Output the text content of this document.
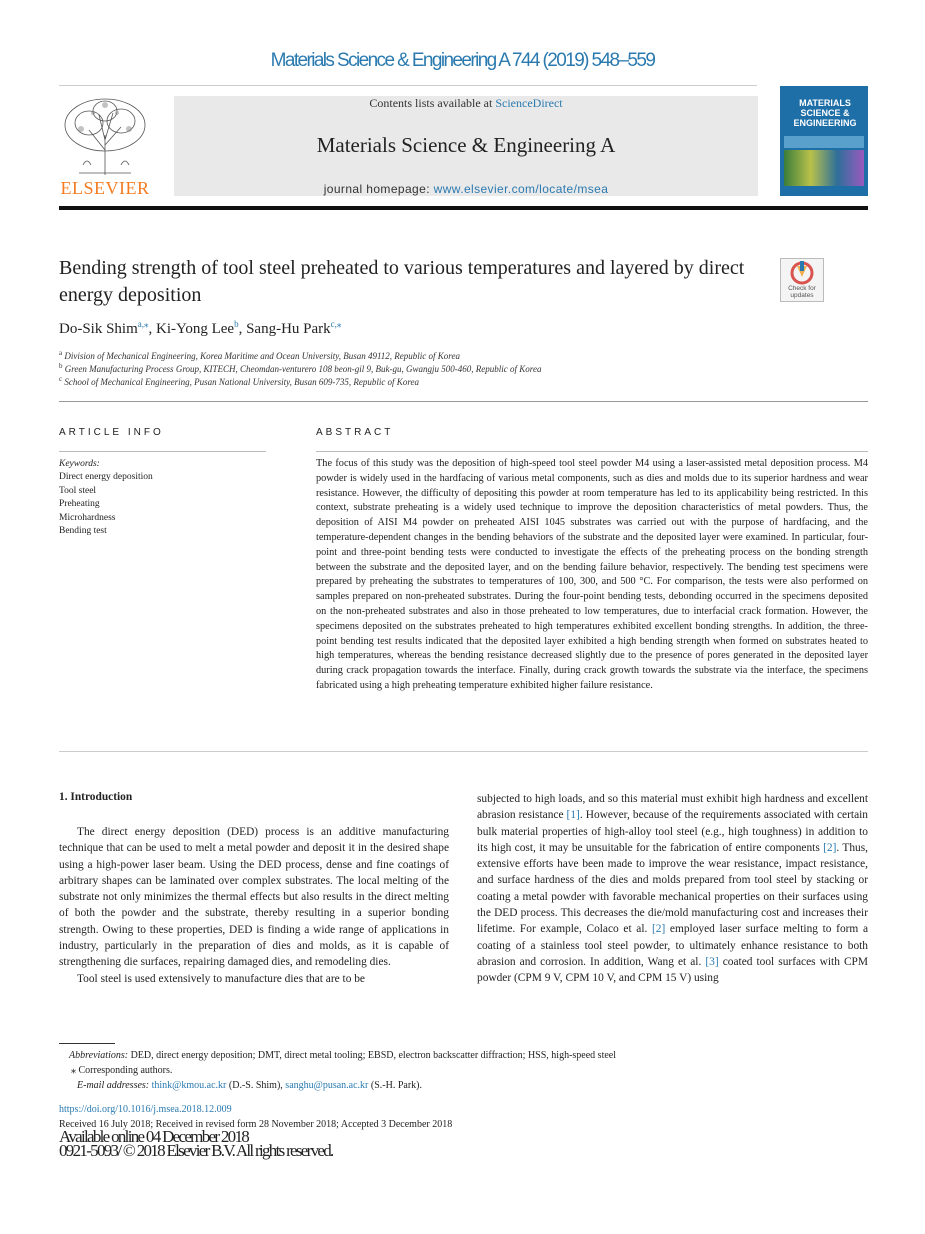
Materials Science & Engineering A 744 (2019) 548–559
ELSEVIER
Contents lists available at ScienceDirect
Materials Science & Engineering A
journal homepage: www.elsevier.com/locate/msea
MATERIALS SCIENCE & ENGINEERING
Bending strength of tool steel preheated to various temperatures and layered by direct energy deposition	Check for updates
Do-Sik Shim$^{a,⁎}$, Ki-Yong Lee$^b$, Sang-Hu Park$^{c,⁎}$
$^a$ Division of Mechanical Engineering, Korea Maritime and Ocean University, Busan 49112, Republic of Korea
$^b$ Green Manufacturing Process Group, KITECH, Cheomdan-venturero 108 beon-gil 9, Buk-gu, Gwangju 500-460, Republic of Korea
$^c$ School of Mechanical Engineering, Pusan National University, Busan 609-735, Republic of Korea
ARTICLE INFO
Keywords:
Direct energy deposition
Tool steel
Preheating
Microhardness
Bending test
ABSTRACT
The focus of this study was the deposition of high-speed tool steel powder M4 using a laser-assisted metal deposition process. M4 powder is widely used in the hardfacing of various metal components, such as dies and molds due to its superior hardness and wear resistance. However, the difficulty of depositing this powder at room temperature has led to its applicability being restricted. In this context, substrate preheating is a widely used technique to improve the deposition characteristics of metal powders. Thus, the deposition of AISI M4 powder on preheated AISI 1045 substrates was carried out with the purpose of hardfacing, and the temperature-dependent changes in the bending behaviors of the substrate and the deposited layer were examined. In particular, four-point and three-point bending tests were conducted to investigate the effects of the preheating process on the bonding strength between the substrate and the deposited layer, and on the bending failure behavior, respectively. The bending test specimens were prepared by preheating the substrates to temperatures of 100, 300, and 500 °C. For comparison, the tests were also performed on samples prepared on non-preheated substrates. During the four-point bending tests, debonding occurred in the specimens deposited on the non-preheated substrates and also in those preheated to low temperatures, due to interfacial crack formation. However, the specimens deposited on the substrates preheated to high temperatures exhibited excellent bonding strengths. In addition, the three-point bending test results indicated that the deposited layer exhibited a high bending strength when formed on substrates heated to high temperatures, whereas the bending resistance decreased slightly due to the presence of pores generated in the deposited layer during crack propagation towards the interface. Finally, during crack growth towards the substrate via the interface, the specimens fabricated using a high preheating temperature exhibited higher failure resistance.
1. Introduction

The direct energy deposition (DED) process is an additive manufacturing technique that can be used to melt a metal powder and deposit it in the desired shape using a high-power laser beam. Using the DED process, dense and fine coatings of arbitrary shapes can be laminated over complex substrates. The local melting of the substrate not only minimizes the thermal effects but also results in the direct melting of both the powder and the substrate, thereby resulting in a superior bonding strength. Owing to these properties, DED is finding a wide range of applications in industry, particularly in the preparation of dies and molds, as it is capable of strengthening die surfaces, repairing damaged dies, and remodeling dies.

Tool steel is used extensively to manufacture dies that are to be

subjected to high loads, and so this material must exhibit high hardness and excellent abrasion resistance [1]. However, because of the requirements associated with certain bulk material properties of high-alloy tool steel (e.g., high toughness) in addition to its high cost, it may be unsuitable for the fabrication of entire components [2]. Thus, extensive efforts have been made to improve the wear resistance, impact resistance, and surface hardness of the dies and molds prepared from tool steel by stacking or coating a metal powder with favorable mechanical properties on their surfaces using the DED process. This decreases the die/mold manufacturing cost and increases their lifetime. For example, Colaco et al. [2] employed laser surface melting to form a coating of a stainless tool steel powder, to ultimately enhance resistance to both abrasion and corrosion. In addition, Wang et al. [3] coated tool surfaces with CPM powder (CPM 9 V, CPM 10 V, and CPM 15 V) using

Abbreviations: DED, direct energy deposition; DMT, direct metal tooling; EBSD, electron backscatter diffraction; HSS, high-speed steel
⁎ Corresponding authors.
E-mail addresses: think@kmou.ac.kr (D.-S. Shim), sanghu@pusan.ac.kr (S.-H. Park).
https://doi.org/10.1016/j.msea.2018.12.009
Received 16 July 2018; Received in revised form 28 November 2018; Accepted 3 December 2018
Available online 04 December 2018
0921-5093/ © 2018 Elsevier B.V. All rights reserved.
